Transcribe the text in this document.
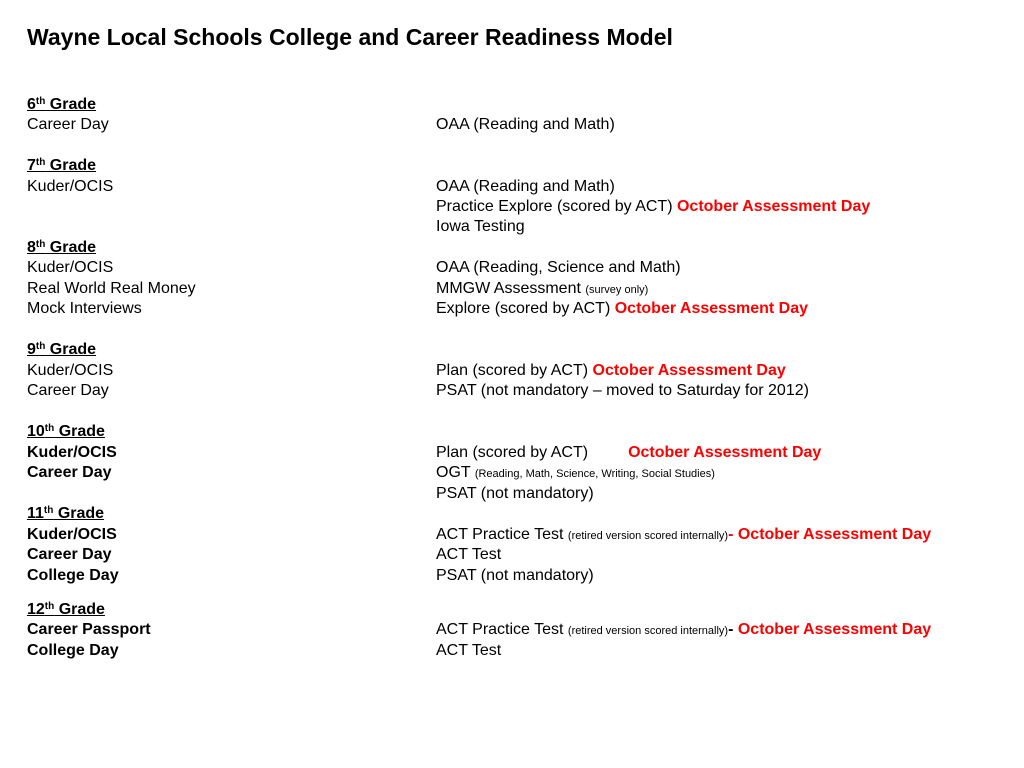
Wayne Local Schools College and Career Readiness Model
6th Grade
Career Day	OAA (Reading and Math)
7th Grade
Kuder/OCIS	OAA (Reading and Math)
Practice Explore (scored by ACT) October Assessment Day
Iowa Testing
8th Grade
Kuder/OCIS	OAA (Reading, Science and Math)
Real World Real Money	MMGW Assessment (survey only)
Mock Interviews	Explore (scored by ACT) October Assessment Day
9th Grade
Kuder/OCIS	Plan (scored by ACT) October Assessment Day
Career Day	PSAT (not mandatory – moved to Saturday for 2012)
10th Grade
Kuder/OCIS	Plan (scored by ACT)	October Assessment Day
Career Day	OGT (Reading, Math, Science, Writing, Social Studies)
PSAT (not mandatory)
11th Grade
Kuder/OCIS	ACT Practice Test (retired version scored internally)- October Assessment Day
Career Day	ACT Test
College Day	PSAT (not mandatory)
12th Grade
Career Passport	ACT Practice Test (retired version scored internally)- October Assessment Day
College Day	ACT Test
